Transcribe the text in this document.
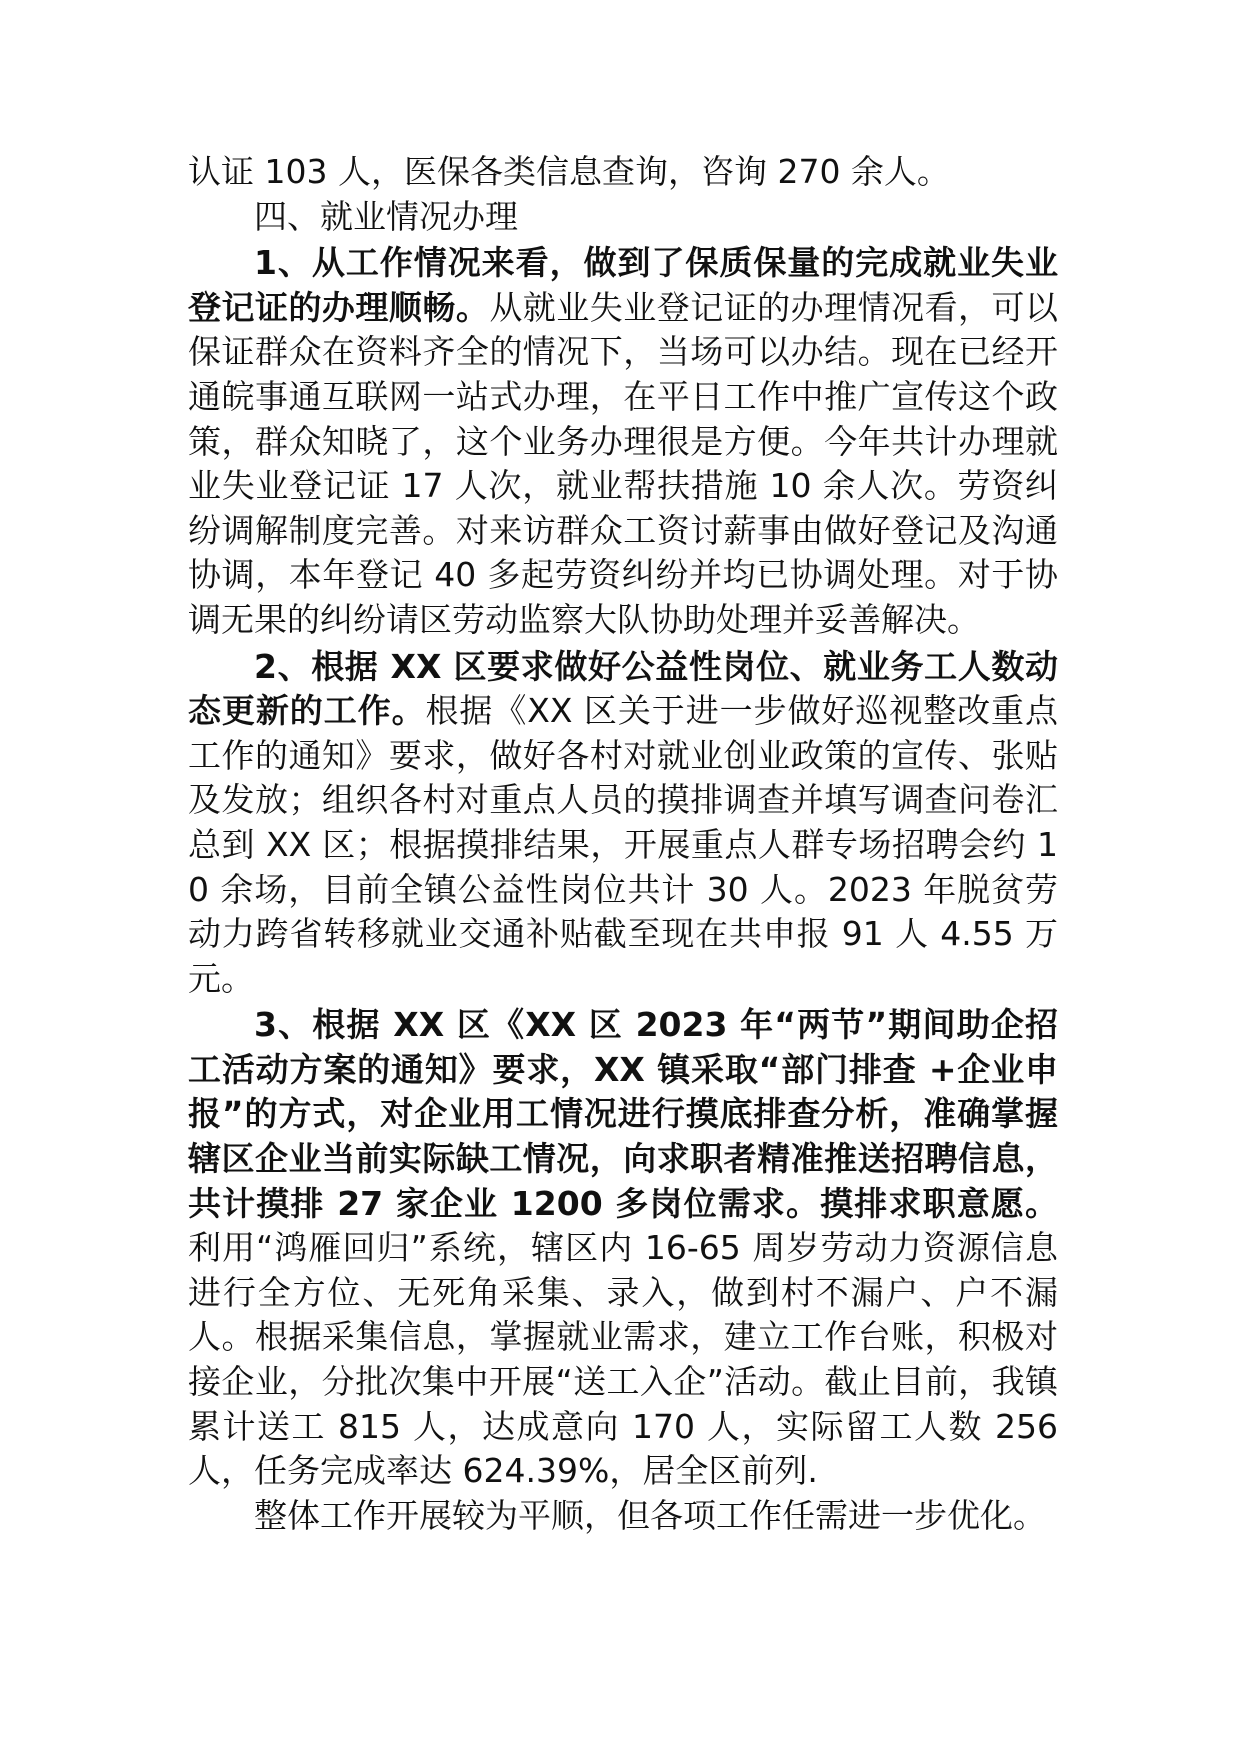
认证 103 人，医保各类信息查询，咨询 270 余人。

四、就业情况办理

1、从工作情况来看，做到了保质保量的完成就业失业登记证的办理顺畅。从就业失业登记证的办理情况看，可以保证群众在资料齐全的情况下，当场可以办结。现在已经开通皖事通互联网一站式办理，在平日工作中推广宣传这个政策，群众知晓了，这个业务办理很是方便。今年共计办理就业失业登记证 17 人次，就业帮扶措施 10 余人次。劳资纠纷调解制度完善。对来访群众工资讨薪事由做好登记及沟通协调，本年登记 40 多起劳资纠纷并均已协调处理。对于协调无果的纠纷请区劳动监察大队协助处理并妥善解决。

2、根据 XX 区要求做好公益性岗位、就业务工人数动态更新的工作。根据《XX 区关于进一步做好巡视整改重点工作的通知》要求，做好各村对就业创业政策的宣传、张贴及发放；组织各村对重点人员的摸排调查并填写调查问卷汇总到 XX 区；根据摸排结果，开展重点人群专场招聘会约 10 余场，目前全镇公益性岗位共计 30 人。2023 年脱贫劳动力跨省转移就业交通补贴截至现在共申报 91 人 4.55 万元。

3、根据 XX 区《XX 区 2023 年“两节”期间助企招工活动方案的通知》要求，XX 镇采取“部门排查 +企业申报”的方式，对企业用工情况进行摸底排查分析，准确掌握辖区企业当前实际缺工情况，向求职者精准推送招聘信息，共计摸排 27 家企业 1200 多岗位需求。摸排求职意愿。利用“鸿雁回归”系统，辖区内 16-65 周岁劳动力资源信息进行全方位、无死角采集、录入，做到村不漏户、户不漏人。根据采集信息，掌握就业需求，建立工作台账，积极对接企业，分批次集中开展“送工入企”活动。截止目前，我镇累计送工 815 人，达成意向 170 人，实际留工人数 256 人，任务完成率达 624.39%，居全区前列.

整体工作开展较为平顺，但各项工作任需进一步优化。
